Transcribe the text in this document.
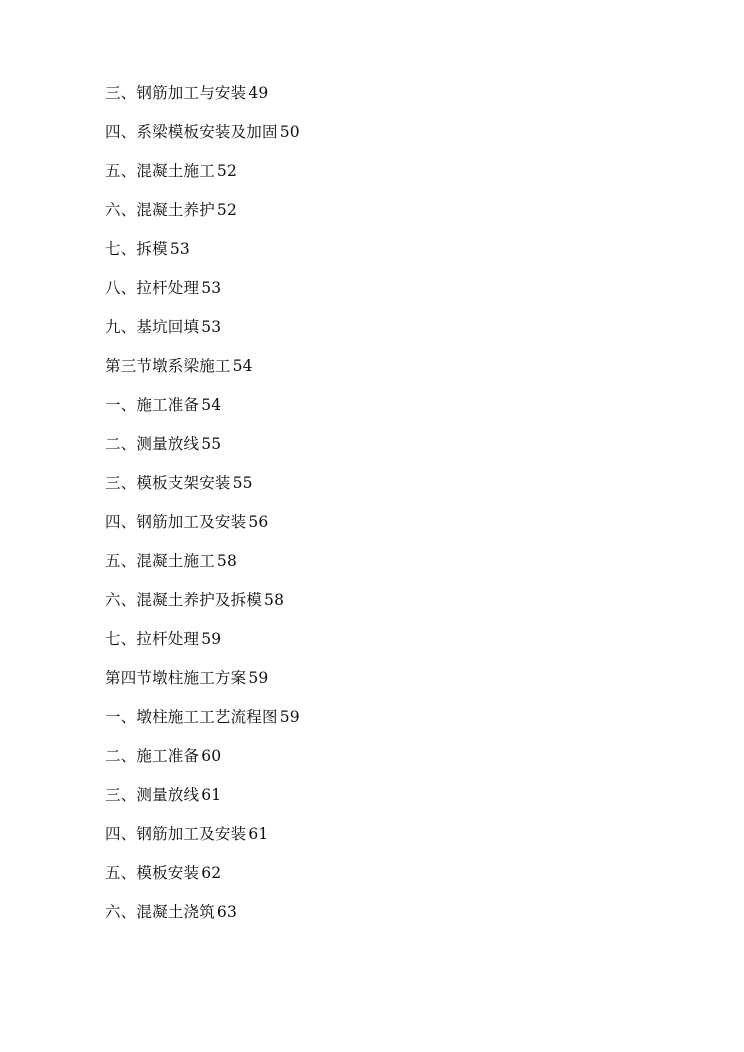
三、钢筋加工与安装 49
四、系梁模板安装及加固 50
五、混凝土施工 52
六、混凝土养护 52
七、拆模 53
八、拉杆处理 53
九、基坑回填 53
第三节墩系梁施工 54
一、施工准备 54
二、测量放线 55
三、模板支架安装 55
四、钢筋加工及安装 56
五、混凝土施工 58
六、混凝土养护及拆模 58
七、拉杆处理 59
第四节墩柱施工方案 59
一、墩柱施工工艺流程图 59
二、施工准备 60
三、测量放线 61
四、钢筋加工及安装 61
五、模板安装 62
六、混凝土浇筑 63
